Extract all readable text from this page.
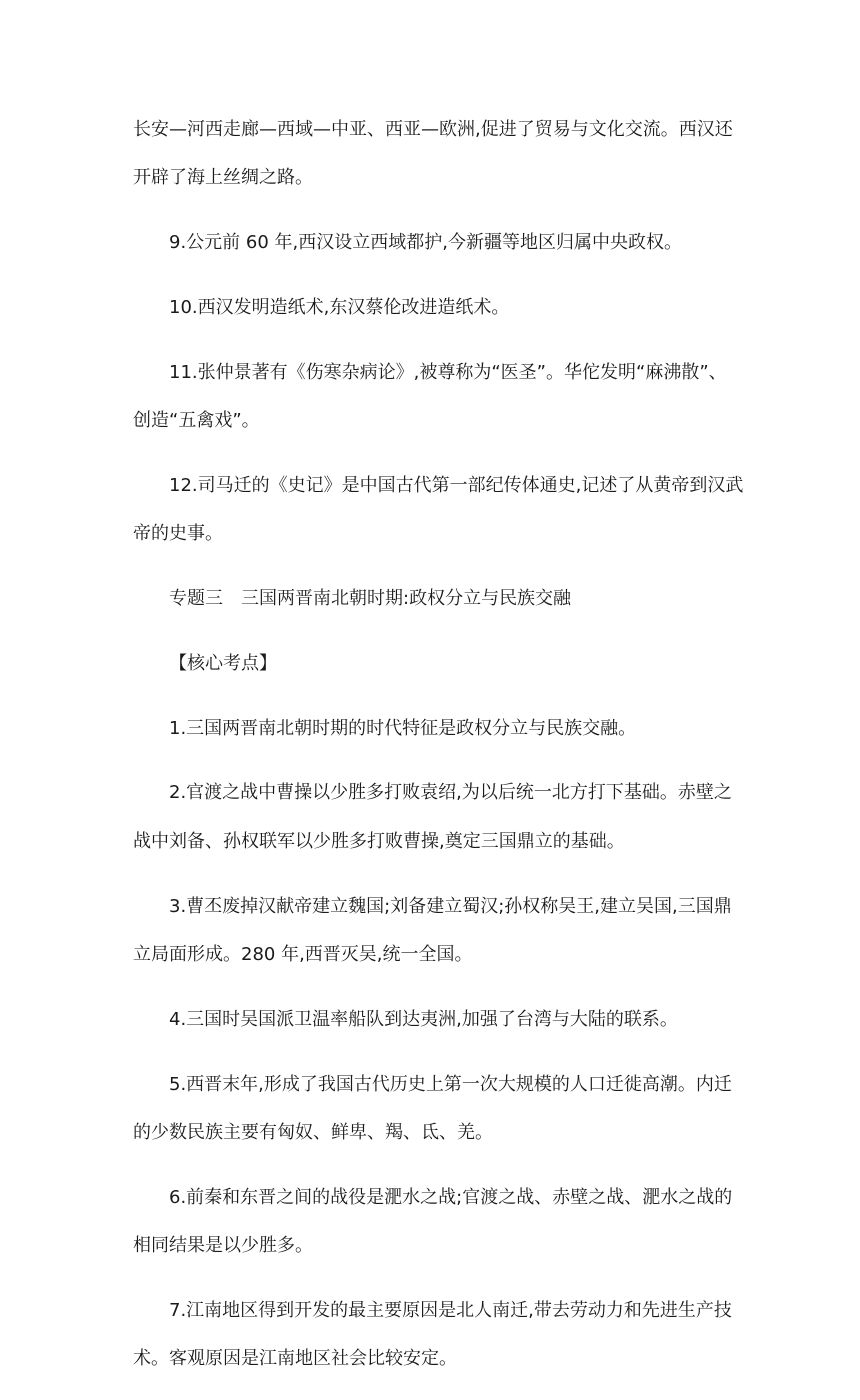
长安—河西走廊—西域—中亚、西亚—欧洲,促进了贸易与文化交流。西汉还
开辟了海上丝绸之路。

9.公元前 60 年,西汉设立西域都护,今新疆等地区归属中央政权。

10.西汉发明造纸术,东汉蔡伦改进造纸术。

11.张仲景著有《伤寒杂病论》,被尊称为“医圣”。华佗发明“麻沸散”、
创造“五禽戏”。

12.司马迁的《史记》是中国古代第一部纪传体通史,记述了从黄帝到汉武
帝的史事。

专题三　三国两晋南北朝时期:政权分立与民族交融

【核心考点】

1.三国两晋南北朝时期的时代特征是政权分立与民族交融。

2.官渡之战中曹操以少胜多打败袁绍,为以后统一北方打下基础。赤壁之
战中刘备、孙权联军以少胜多打败曹操,奠定三国鼎立的基础。

3.曹丕废掉汉献帝建立魏国;刘备建立蜀汉;孙权称吴王,建立吴国,三国鼎
立局面形成。280 年,西晋灭吴,统一全国。

4.三国时吴国派卫温率船队到达夷洲,加强了台湾与大陆的联系。

5.西晋末年,形成了我国古代历史上第一次大规模的人口迁徙高潮。内迁
的少数民族主要有匈奴、鲜卑、羯、氐、羌。

6.前秦和东晋之间的战役是淝水之战;官渡之战、赤壁之战、淝水之战的
相同结果是以少胜多。

7.江南地区得到开发的最主要原因是北人南迁,带去劳动力和先进生产技
术。客观原因是江南地区社会比较安定。
